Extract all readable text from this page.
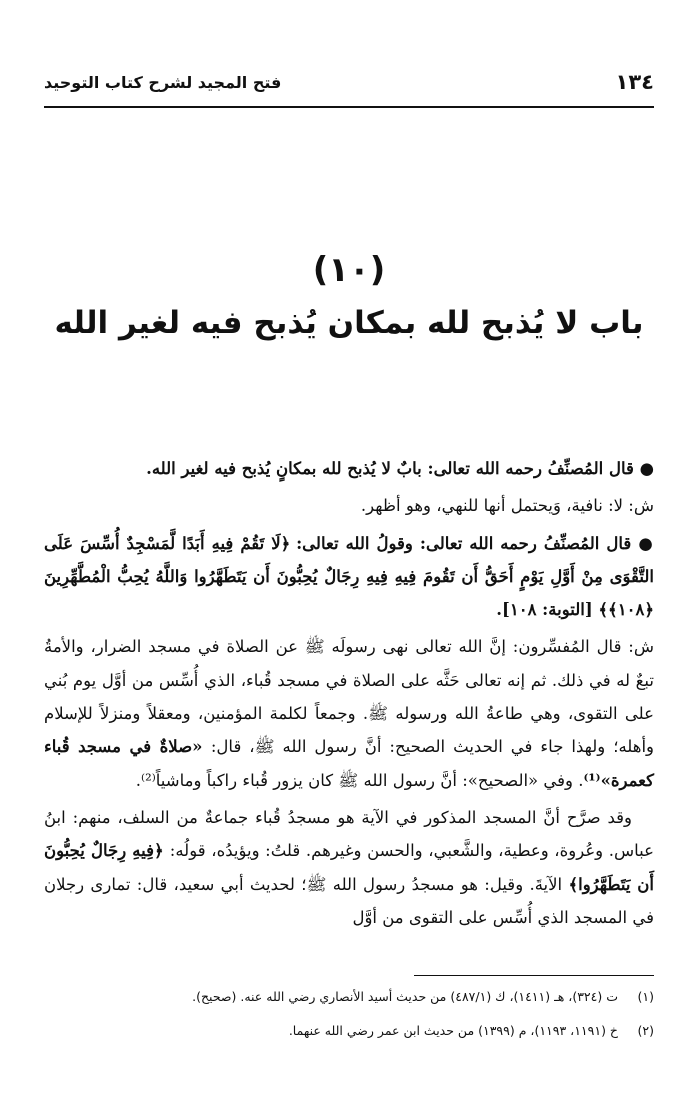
١٣٤
فتح المجيد لشرح كتاب التوحيد
(١٠)
باب لا يُذبح لله بمكان يُذبح فيه لغير الله

● قال المُصنِّفُ رحمه الله تعالى: بابٌ لا يُذبح لله بمكانٍ يُذبح فيه لغير الله.

ش: لا: نافية، وَيحتمل أنها للنهي، وهو أظهر.

● قال المُصنِّفُ رحمه الله تعالى: وقولُ الله تعالى: ﴿لَا تَقُمْ فِيهِ أَبَدًا لَّمَسْجِدٌ أُسِّسَ عَلَى التَّقْوَى مِنْ أَوَّلِ يَوْمٍ أَحَقُّ أَن تَقُومَ فِيهِ فِيهِ رِجَالٌ يُحِبُّونَ أَن يَتَطَهَّرُوا وَاللَّهُ يُحِبُّ الْمُطَّهِّرِينَ ﴿١٠٨﴾﴾ [التوبة: ١٠٨].

ش: قال المُفسِّرون: إنَّ الله تعالى نهى رسولَه ﷺ عن الصلاة في مسجد الضرار، والأمةُ تبعٌ له في ذلك. ثم إنه تعالى حَثَّه على الصلاة في مسجد قُباء، الذي أُسِّس من أوَّل يوم بُني على التقوى، وهي طاعةُ الله ورسوله ﷺ. وجمعاً لكلمة المؤمنين، ومعقلاً ومنزلاً للإسلام وأهله؛ ولهذا جاء في الحديث الصحيح: أنَّ رسول الله ﷺ، قال: «صلاةٌ في مسجد قُباء كعمرة»⁽¹⁾. وفي «الصحيح»: أنَّ رسول الله ﷺ كان يزور قُباء راكباً وماشياً⁽²⁾.

وقد صرَّح أنَّ المسجد المذكور في الآية هو مسجدُ قُباء جماعةٌ من السلف، منهم: ابنُ عباس. وعُروة، وعطية، والشَّعبي، والحسن وغيرهم. قلتُ: ويؤيدُه، قولُه: ﴿فِيهِ رِجَالٌ يُحِبُّونَ أَن يَتَطَهَّرُوا﴾ الآيةَ. وقيل: هو مسجدُ رسول الله ﷺ؛ لحديث أبي سعيد، قال: تمارى رجلان في المسجد الذي أُسِّس على التقوى من أوَّل

(١)
ت (٣٢٤)، هـ (١٤١١)، ك (٤٨٧/١) من حديث أسيد الأنصاري رضي الله عنه. (صحيح).
(٢)
خ (١١٩١، ١١٩٣)، م (١٣٩٩) من حديث ابن عمر رضي الله عنهما.
